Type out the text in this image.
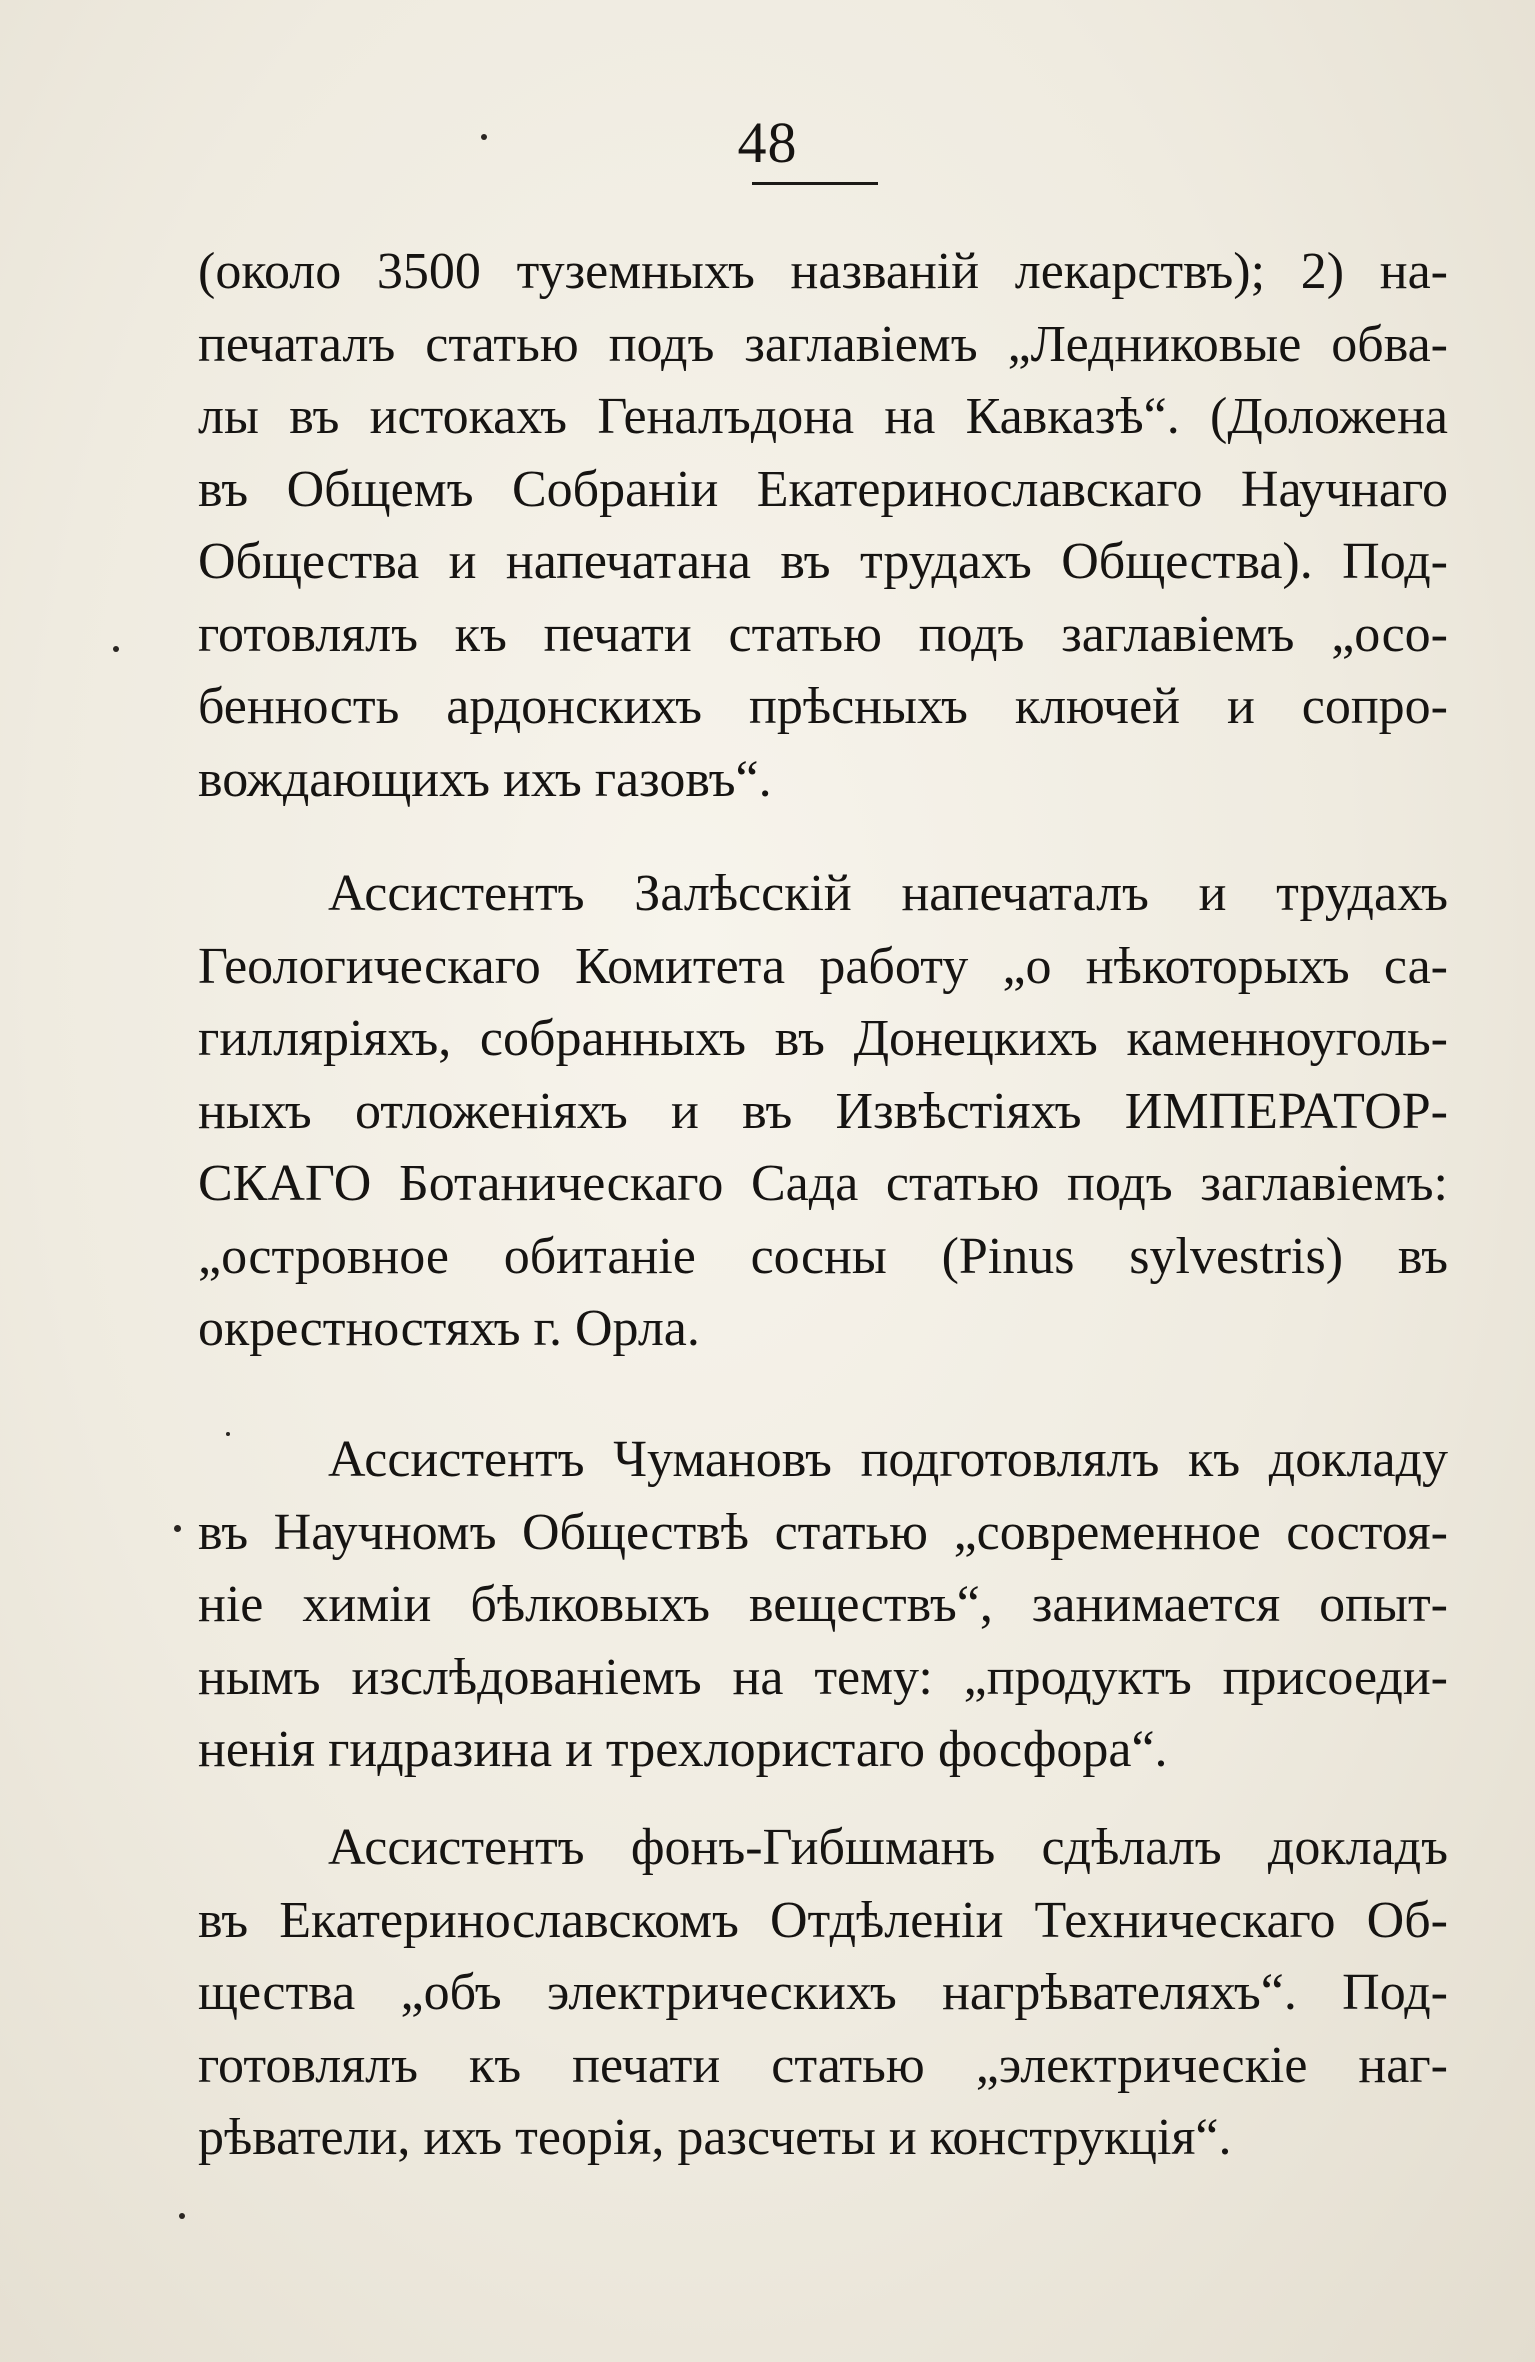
48
(около 3500 туземныхъ названій лекарствъ); 2) на-
печаталъ статью подъ заглавіемъ „Ледниковые обва-
лы въ истокахъ Геналъдона на Кавказѣ“. (Доложена
въ Общемъ Собраніи Екатеринославскаго Научнаго
Общества и напечатана въ трудахъ Общества). Под-
готовлялъ къ печати статью подъ заглавіемъ „осо-
бенность ардонскихъ прѣсныхъ ключей и сопро-
вождающихъ ихъ газовъ“.
Ассистентъ Залѣсскій напечаталъ и трудахъ
Геологическаго Комитета работу „о нѣкоторыхъ са-
гилляріяхъ, собранныхъ въ Донецкихъ каменноуголь-
ныхъ отложеніяхъ и въ Извѣстіяхъ ИМПЕРАТОР-
СКАГО Ботаническаго Сада статью подъ заглавіемъ:
„островное обитаніе сосны (Pinus sylvestris) въ
окрестностяхъ г. Орла.
Ассистентъ Чумановъ подготовлялъ къ докладу
въ Научномъ Обществѣ статью „современное состоя-
ніе химіи бѣлковыхъ веществъ“, занимается опыт-
нымъ изслѣдованіемъ на тему: „продуктъ присоеди-
ненія гидразина и трехлористаго фосфора“.
Ассистентъ фонъ-Гибшманъ сдѣлалъ докладъ
въ Екатеринославскомъ Отдѣленіи Техническаго Об-
щества „объ электрическихъ нагрѣвателяхъ“. Под-
готовлялъ къ печати статью „электрическіе наг-
рѣватели, ихъ теорія, разсчеты и конструкція“.
